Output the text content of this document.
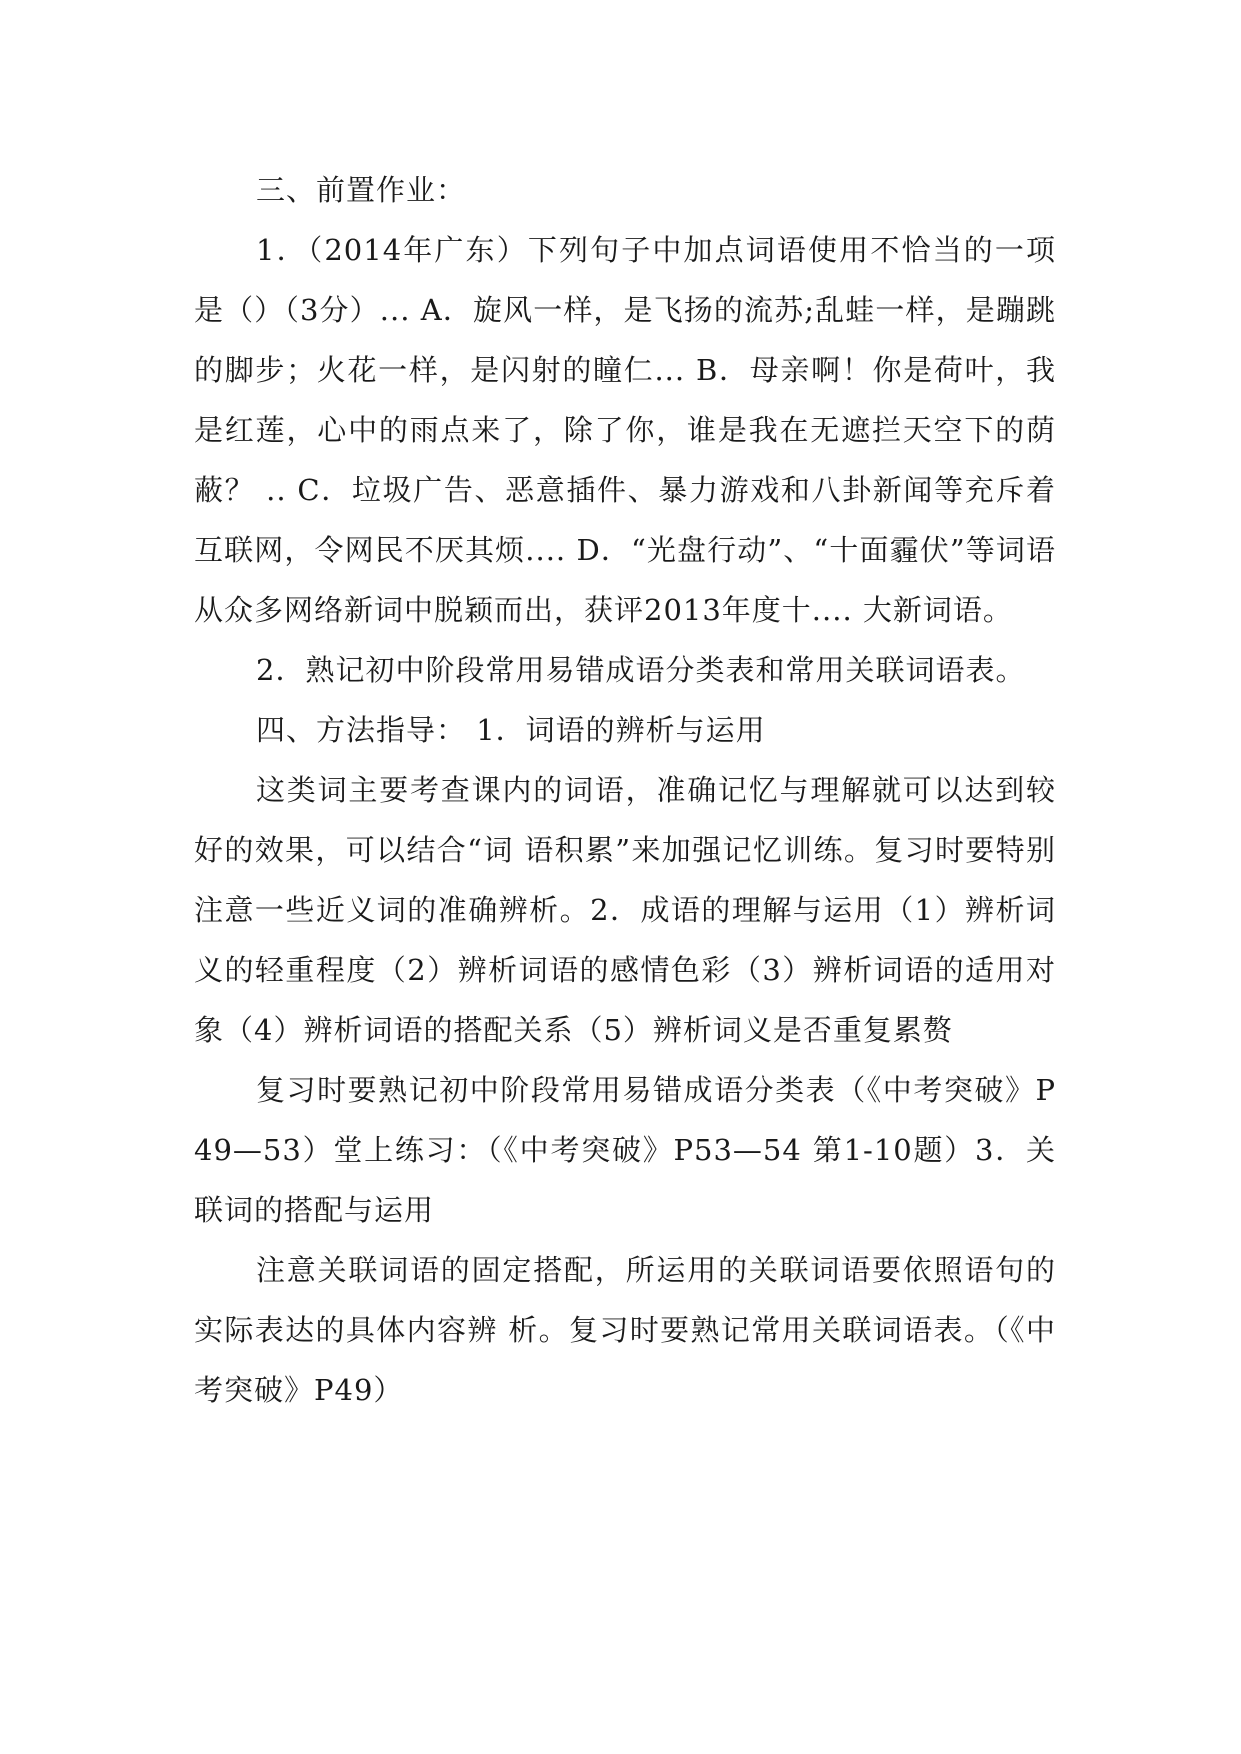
三、前置作业：

1．（2014年广东）下列句子中加点词语使用不恰当的一项是（）（3分）... A．旋风一样，是飞扬的流苏;乱蛙一样，是蹦跳的脚步；火花一样，是闪射的瞳仁... B．母亲啊！你是荷叶，我是红莲，心中的雨点来了，除了你，谁是我在无遮拦天空下的荫蔽？ .. C．垃圾广告、恶意插件、暴力游戏和八卦新闻等充斥着互联网，令网民不厌其烦.... D．“光盘行动”、“十面霾伏”等词语从众多网络新词中脱颖而出，获评2013年度十.... 大新词语。

2．熟记初中阶段常用易错成语分类表和常用关联词语表。

四、方法指导： 1．词语的辨析与运用

这类词主要考查课内的词语，准确记忆与理解就可以达到较好的效果，可以结合“词 语积累”来加强记忆训练。复习时要特别注意一些近义词的准确辨析。2．成语的理解与运用（1）辨析词义的轻重程度（2）辨析词语的感情色彩（3）辨析词语的适用对象（4）辨析词语的搭配关系（5）辨析词义是否重复累赘

复习时要熟记初中阶段常用易错成语分类表（《中考突破》P49—53）堂上练习：（《中考突破》P53—54 第1-10题）3．关联词的搭配与运用

注意关联词语的固定搭配，所运用的关联词语要依照语句的实际表达的具体内容辨 析。复习时要熟记常用关联词语表。（《中考突破》P49）
